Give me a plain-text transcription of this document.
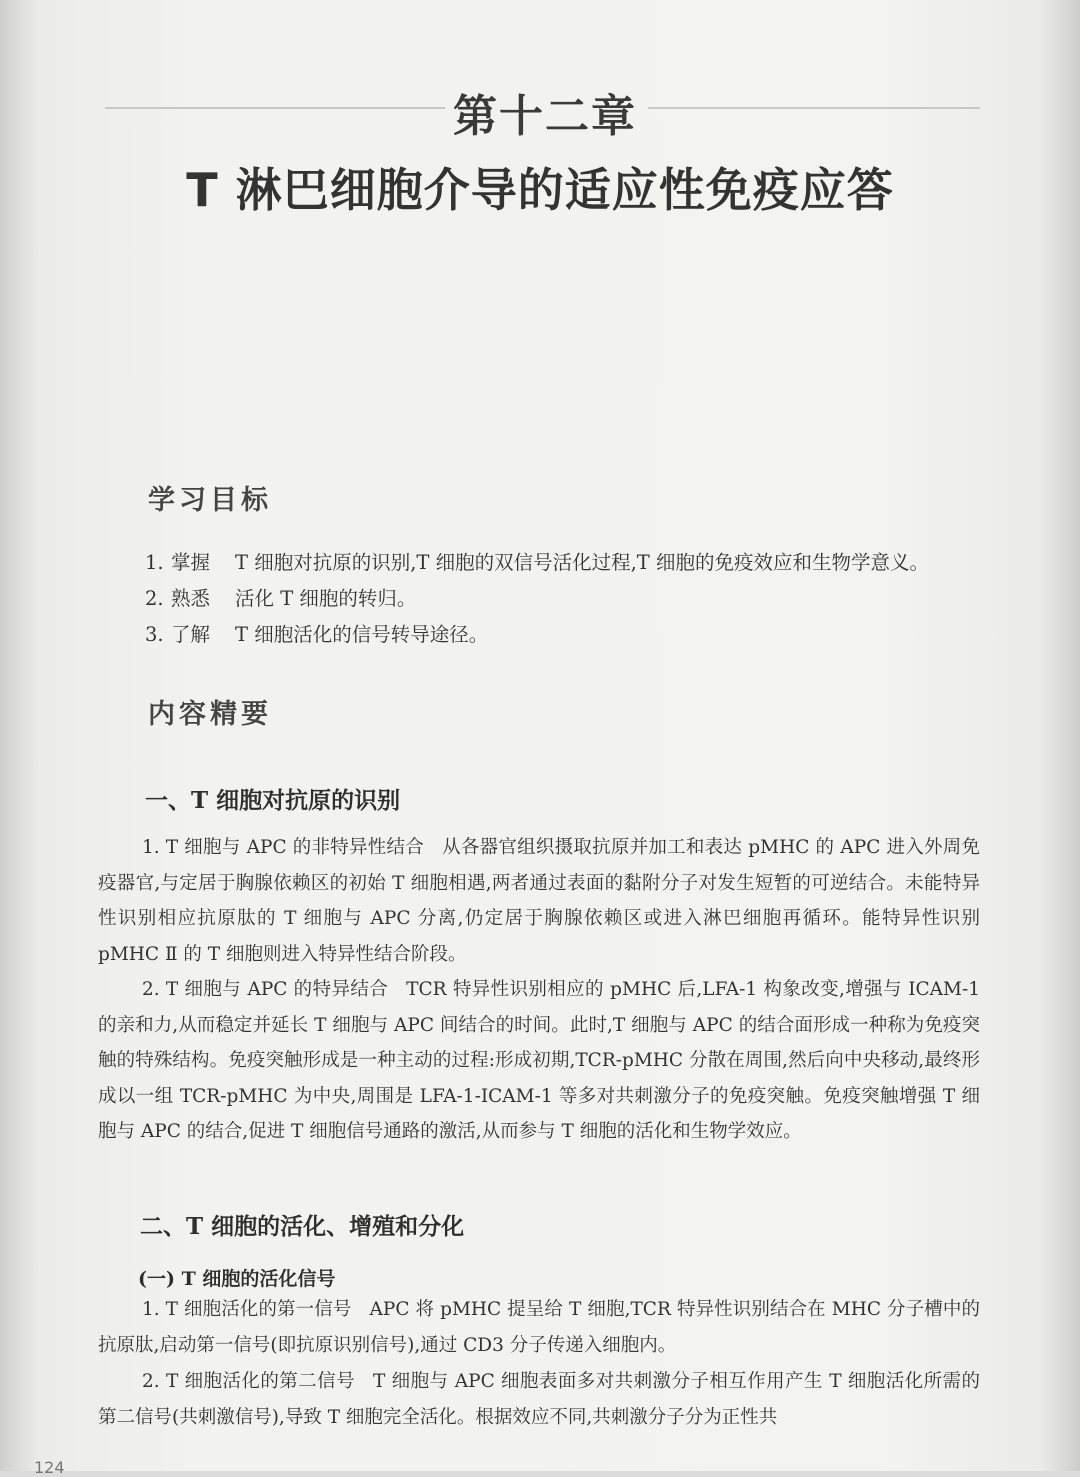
第十二章
T 淋巴细胞介导的适应性免疫应答
学习目标
1. 掌握 T 细胞对抗原的识别,T 细胞的双信号活化过程,T 细胞的免疫效应和生物学意义。
2. 熟悉 活化 T 细胞的转归。
3. 了解 T 细胞活化的信号转导途径。
内容精要
一、T 细胞对抗原的识别

1. T 细胞与 APC 的非特异性结合 从各器官组织摄取抗原并加工和表达 pMHC 的 APC 进入外周免疫器官,与定居于胸腺依赖区的初始 T 细胞相遇,两者通过表面的黏附分子对发生短暂的可逆结合。未能特异性识别相应抗原肽的 T 细胞与 APC 分离,仍定居于胸腺依赖区或进入淋巴细胞再循环。能特异性识别 pMHC Ⅱ 的 T 细胞则进入特异性结合阶段。

2. T 细胞与 APC 的特异结合 TCR 特异性识别相应的 pMHC 后,LFA-1 构象改变,增强与 ICAM-1 的亲和力,从而稳定并延长 T 细胞与 APC 间结合的时间。此时,T 细胞与 APC 的结合面形成一种称为免疫突触的特殊结构。免疫突触形成是一种主动的过程:形成初期,TCR-pMHC 分散在周围,然后向中央移动,最终形成以一组 TCR-pMHC 为中央,周围是 LFA-1-ICAM-1 等多对共刺激分子的免疫突触。免疫突触增强 T 细胞与 APC 的结合,促进 T 细胞信号通路的激活,从而参与 T 细胞的活化和生物学效应。

二、T 细胞的活化、增殖和分化
(一) T 细胞的活化信号

1. T 细胞活化的第一信号 APC 将 pMHC 提呈给 T 细胞,TCR 特异性识别结合在 MHC 分子槽中的抗原肽,启动第一信号(即抗原识别信号),通过 CD3 分子传递入细胞内。

2. T 细胞活化的第二信号 T 细胞与 APC 细胞表面多对共刺激分子相互作用产生 T 细胞活化所需的第二信号(共刺激信号),导致 T 细胞完全活化。根据效应不同,共刺激分子分为正性共

124
